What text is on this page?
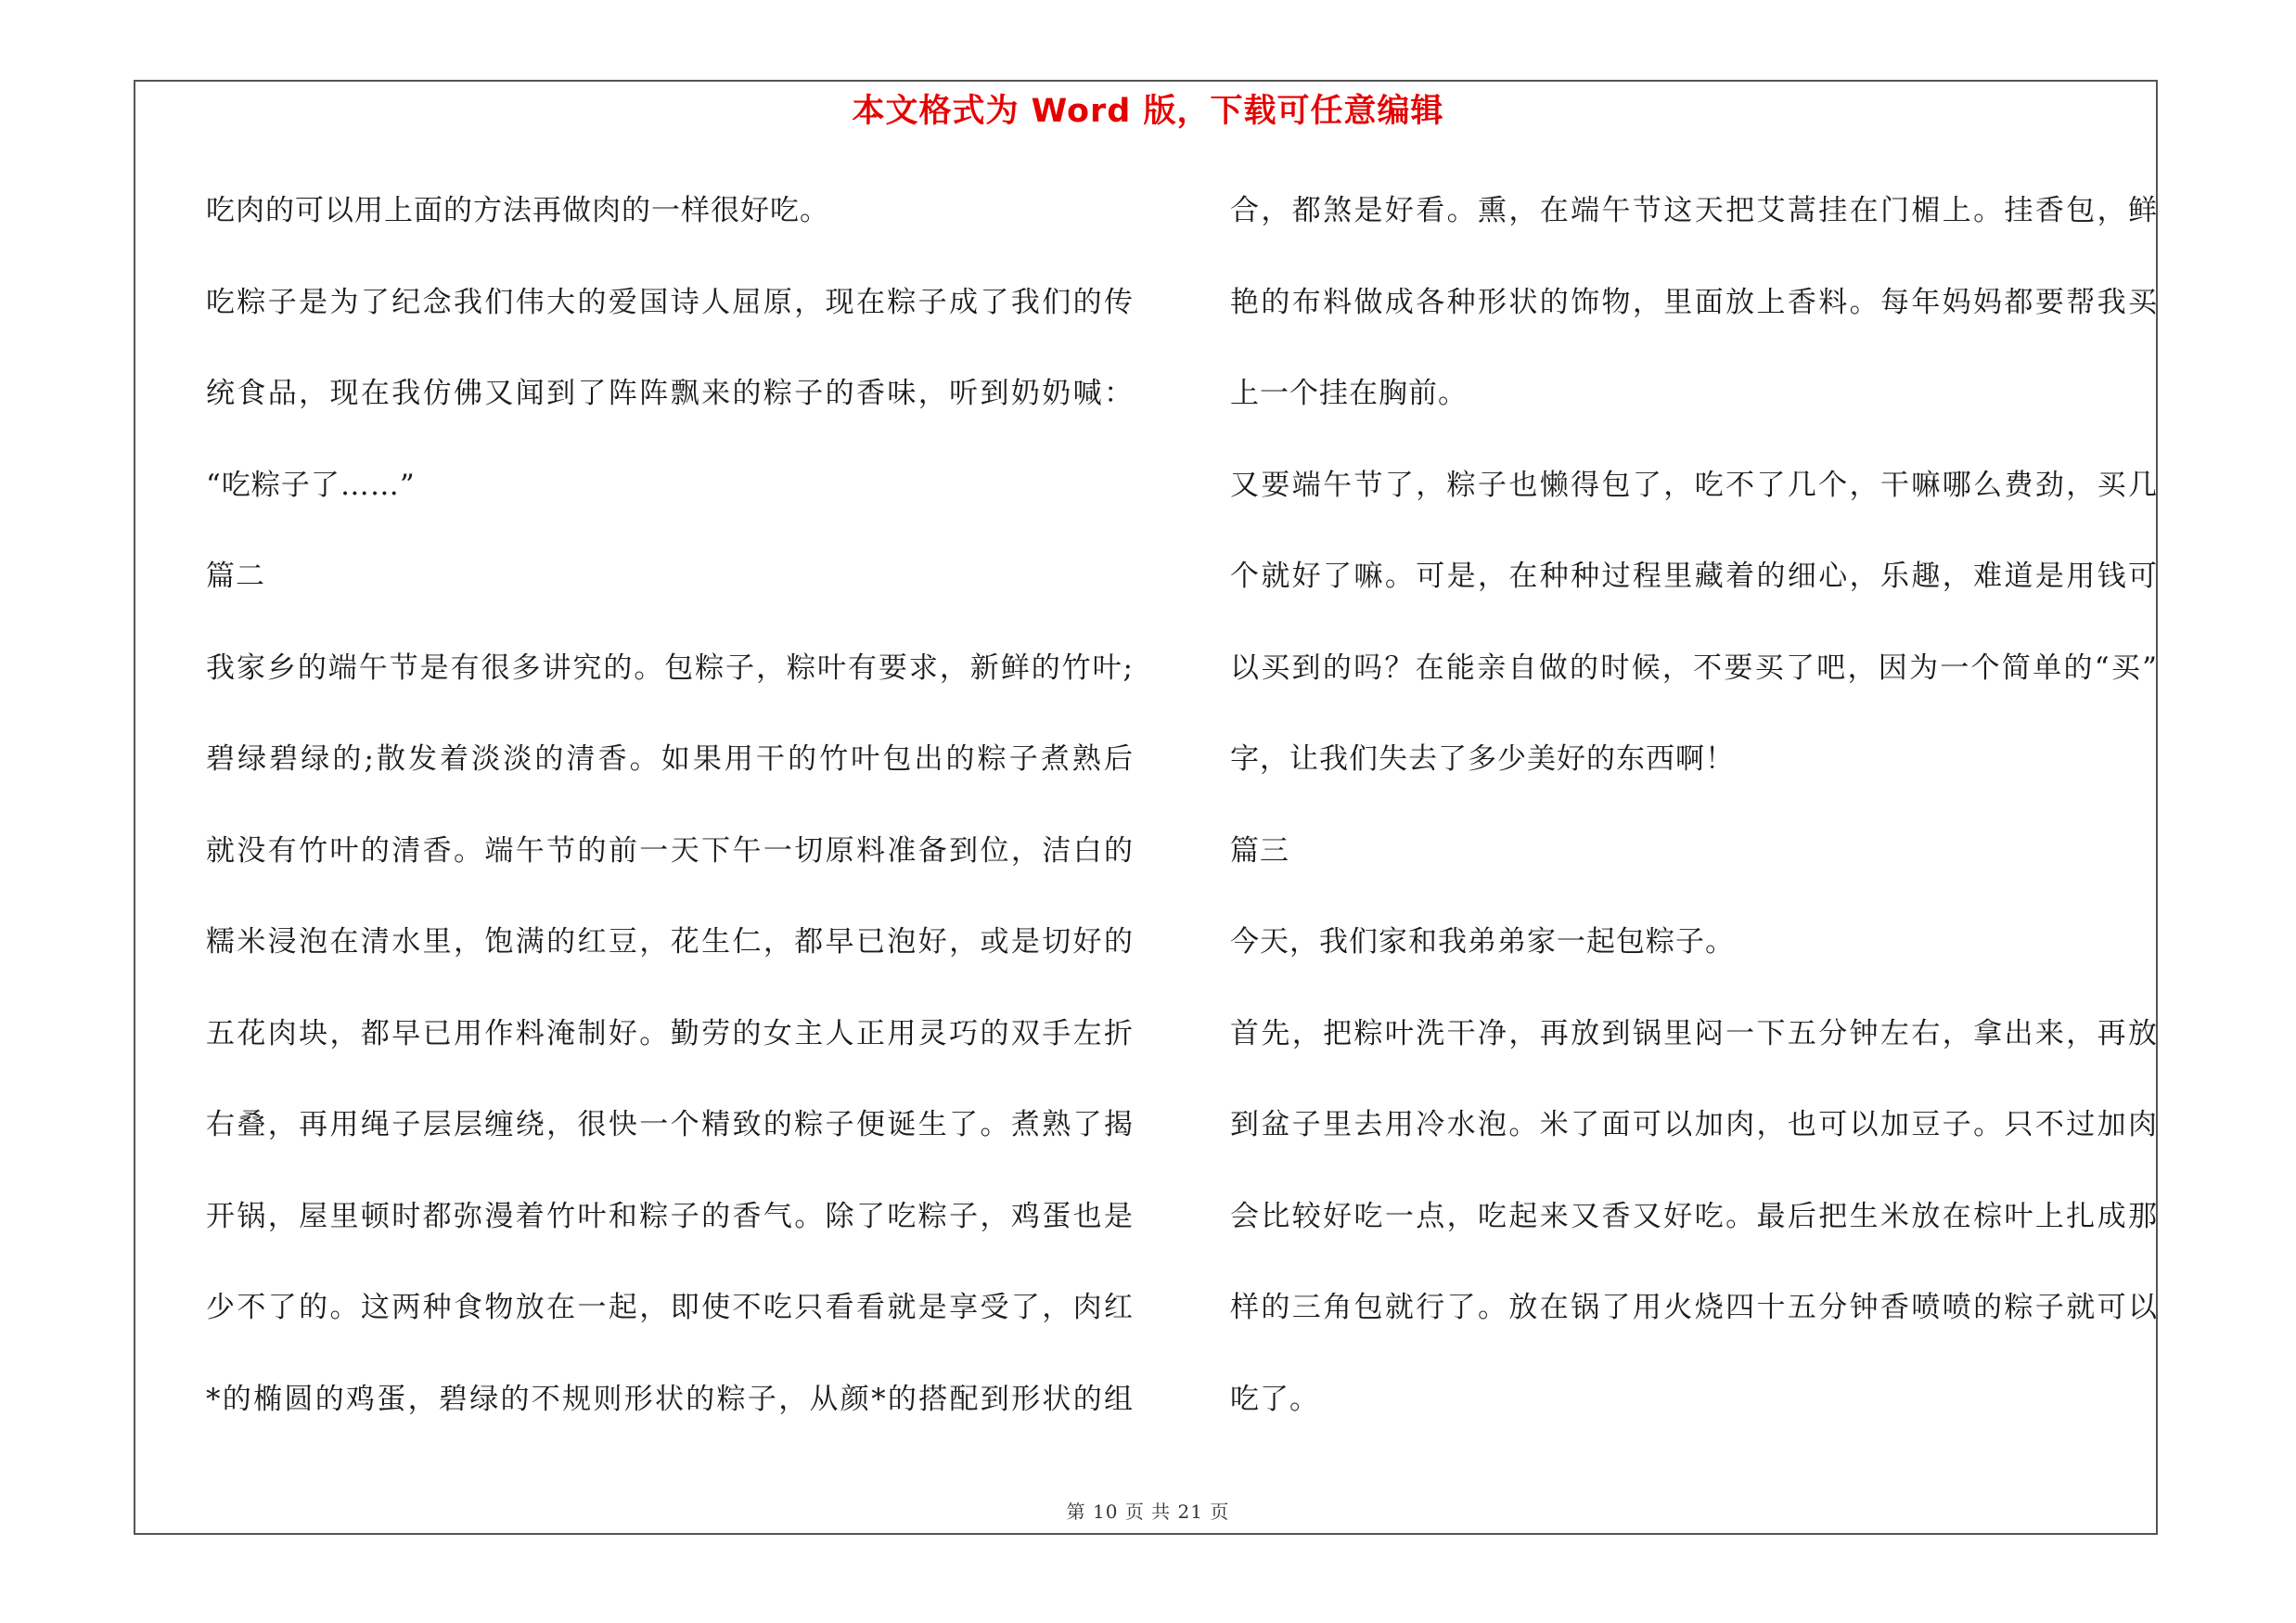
本文格式为 Word 版，下载可任意编辑
吃肉的可以用上面的方法再做肉的一样很好吃。
吃粽子是为了纪念我们伟大的爱国诗人屈原，现在粽子成了我们的传
统食品，现在我仿佛又闻到了阵阵飘来的粽子的香味，听到奶奶喊：
“吃粽子了……”
篇二
我家乡的端午节是有很多讲究的。包粽子，粽叶有要求，新鲜的竹叶;
碧绿碧绿的;散发着淡淡的清香。如果用干的竹叶包出的粽子煮熟后
就没有竹叶的清香。端午节的前一天下午一切原料准备到位，洁白的
糯米浸泡在清水里，饱满的红豆，花生仁，都早已泡好，或是切好的
五花肉块，都早已用作料淹制好。勤劳的女主人正用灵巧的双手左折
右叠，再用绳子层层缠绕，很快一个精致的粽子便诞生了。煮熟了揭
开锅，屋里顿时都弥漫着竹叶和粽子的香气。除了吃粽子，鸡蛋也是
少不了的。这两种食物放在一起，即使不吃只看看就是享受了，肉红
*的椭圆的鸡蛋，碧绿的不规则形状的粽子，从颜*的搭配到形状的组
合，都煞是好看。熏，在端午节这天把艾蒿挂在门楣上。挂香包，鲜
艳的布料做成各种形状的饰物，里面放上香料。每年妈妈都要帮我买
上一个挂在胸前。
又要端午节了，粽子也懒得包了，吃不了几个，干嘛哪么费劲，买几
个就好了嘛。可是，在种种过程里藏着的细心，乐趣，难道是用钱可
以买到的吗？在能亲自做的时候，不要买了吧，因为一个简单的“买”
字，让我们失去了多少美好的东西啊！
篇三
今天，我们家和我弟弟家一起包粽子。
首先，把粽叶洗干净，再放到锅里闷一下五分钟左右，拿出来，再放
到盆子里去用冷水泡。米了面可以加肉，也可以加豆子。只不过加肉
会比较好吃一点，吃起来又香又好吃。最后把生米放在棕叶上扎成那
样的三角包就行了。放在锅了用火烧四十五分钟香喷喷的粽子就可以
吃了。
第 10 页 共 21 页
